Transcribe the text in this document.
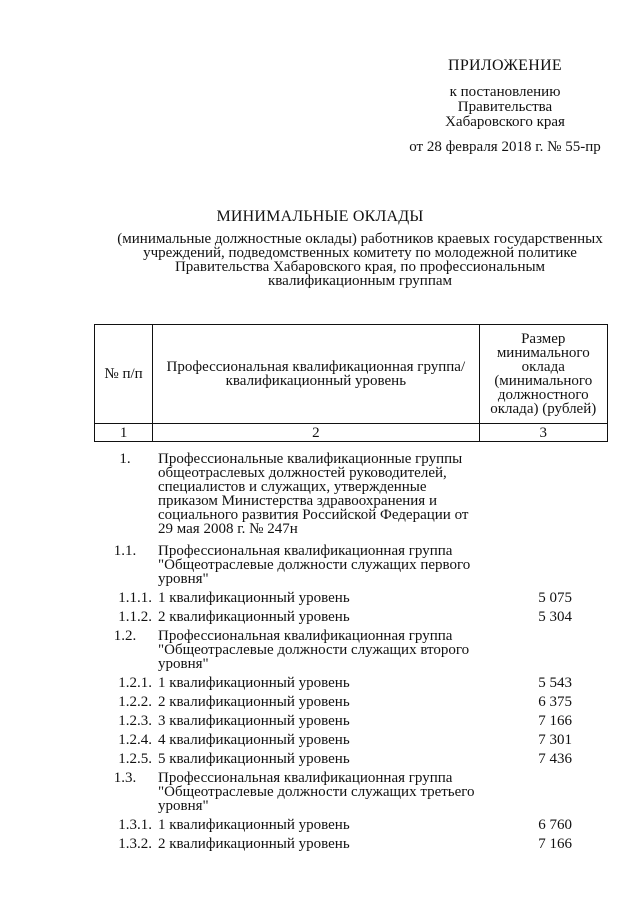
ПРИЛОЖЕНИЕ
к постановлению
Правительства
Хабаровского края
от 28 февраля 2018 г. № 55-пр
МИНИМАЛЬНЫЕ ОКЛАДЫ
(минимальные должностные оклады) работников краевых государственных учреждений, подведомственных комитету по молодежной политике Правительства Хабаровского края, по профессиональным квалификационным группам
№ п/п	Профессиональная квалификационная группа/квалификационный уровень	Размер минимального оклада (минимального должностного оклада) (рублей)
1	2	3
1.	Профессиональные квалификационные группы общеотраслевых должностей руководителей, специалистов и служащих, утвержденные приказом Министерства здравоохранения и социального развития Российской Федерации от 29 мая 2008 г. № 247н
1.1.	Профессиональная квалификационная группа "Общеотраслевые должности служащих первого уровня"
1.1.1. 1 квалификационный уровень	5 075
1.1.2. 2 квалификационный уровень	5 304
1.2.	Профессиональная квалификационная группа "Общеотраслевые должности служащих второго уровня"
1.2.1. 1 квалификационный уровень	5 543
1.2.2. 2 квалификационный уровень	6 375
1.2.3. 3 квалификационный уровень	7 166
1.2.4. 4 квалификационный уровень	7 301
1.2.5. 5 квалификационный уровень	7 436
1.3.	Профессиональная квалификационная группа "Общеотраслевые должности служащих третьего уровня"
1.3.1. 1 квалификационный уровень	6 760
1.3.2. 2 квалификационный уровень	7 166
